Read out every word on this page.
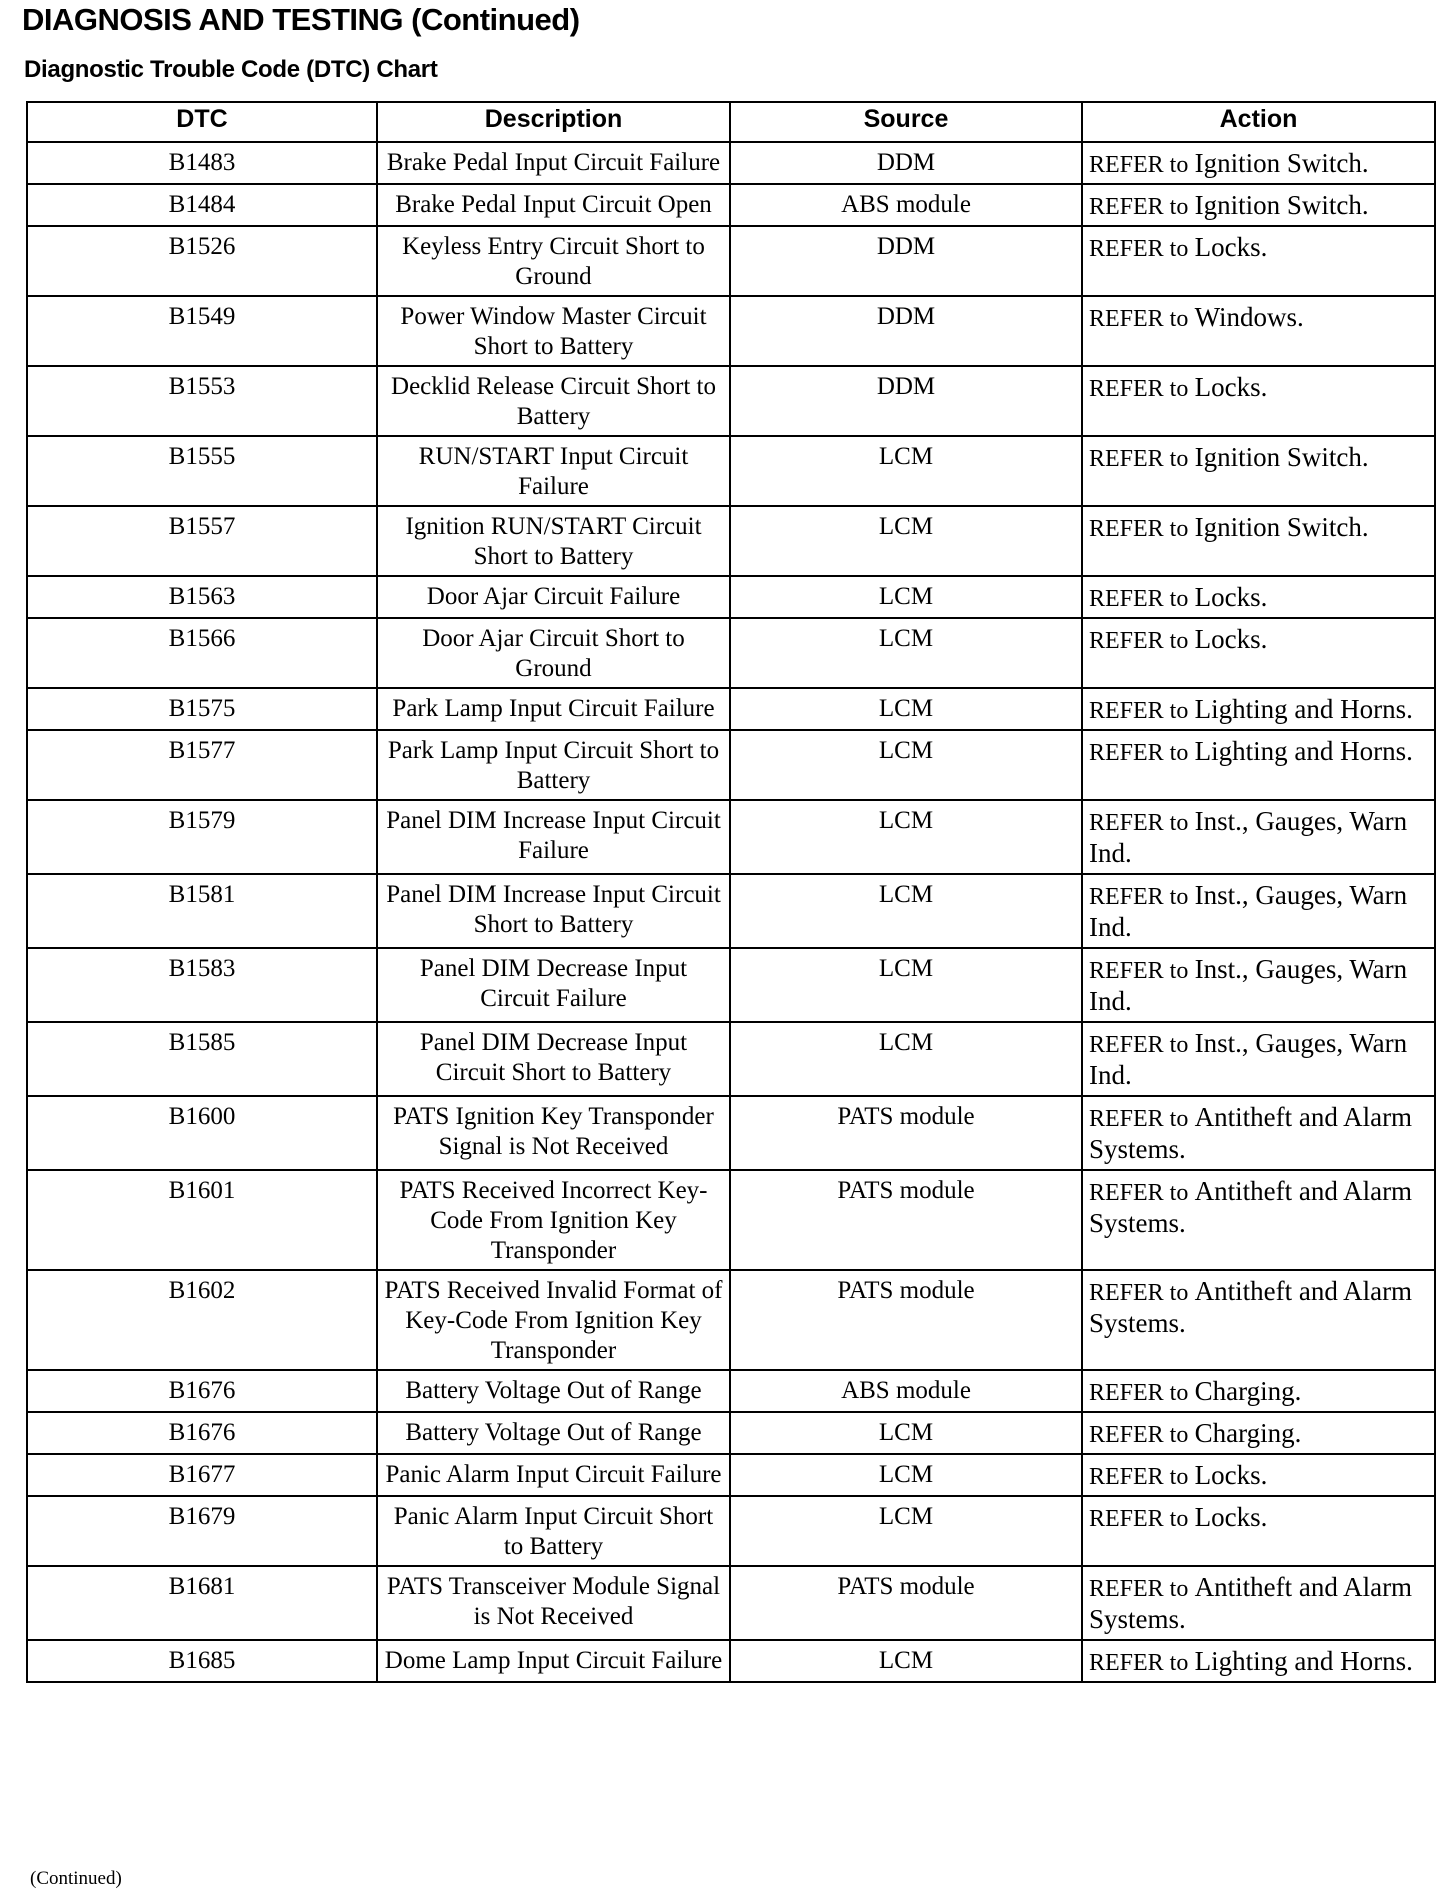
DIAGNOSIS AND TESTING (Continued)
Diagnostic Trouble Code (DTC) Chart
DTC	Description	Source	Action
B1483	Brake Pedal Input Circuit Failure	DDM	REFER to Ignition Switch.
B1484	Brake Pedal Input Circuit Open	ABS module	REFER to Ignition Switch.
B1526	Keyless Entry Circuit Short to Ground	DDM	REFER to Locks.
B1549	Power Window Master Circuit Short to Battery	DDM	REFER to Windows.
B1553	Decklid Release Circuit Short to Battery	DDM	REFER to Locks.
B1555	RUN/START Input Circuit Failure	LCM	REFER to Ignition Switch.
B1557	Ignition RUN/START Circuit Short to Battery	LCM	REFER to Ignition Switch.
B1563	Door Ajar Circuit Failure	LCM	REFER to Locks.
B1566	Door Ajar Circuit Short to Ground	LCM	REFER to Locks.
B1575	Park Lamp Input Circuit Failure	LCM	REFER to Lighting and Horns.
B1577	Park Lamp Input Circuit Short to Battery	LCM	REFER to Lighting and Horns.
B1579	Panel DIM Increase Input Circuit Failure	LCM	REFER to Inst., Gauges, Warn Ind.
B1581	Panel DIM Increase Input Circuit Short to Battery	LCM	REFER to Inst., Gauges, Warn Ind.
B1583	Panel DIM Decrease Input Circuit Failure	LCM	REFER to Inst., Gauges, Warn Ind.
B1585	Panel DIM Decrease Input Circuit Short to Battery	LCM	REFER to Inst., Gauges, Warn Ind.
B1600	PATS Ignition Key Transponder Signal is Not Received	PATS module	REFER to Antitheft and Alarm Systems.
B1601	PATS Received Incorrect Key-Code From Ignition Key Transponder	PATS module	REFER to Antitheft and Alarm Systems.
B1602	PATS Received Invalid Format of Key-Code From Ignition Key Transponder	PATS module	REFER to Antitheft and Alarm Systems.
B1676	Battery Voltage Out of Range	ABS module	REFER to Charging.
B1676	Battery Voltage Out of Range	LCM	REFER to Charging.
B1677	Panic Alarm Input Circuit Failure	LCM	REFER to Locks.
B1679	Panic Alarm Input Circuit Short to Battery	LCM	REFER to Locks.
B1681	PATS Transceiver Module Signal is Not Received	PATS module	REFER to Antitheft and Alarm Systems.
B1685	Dome Lamp Input Circuit Failure	LCM	REFER to Lighting and Horns.

(Continued)
